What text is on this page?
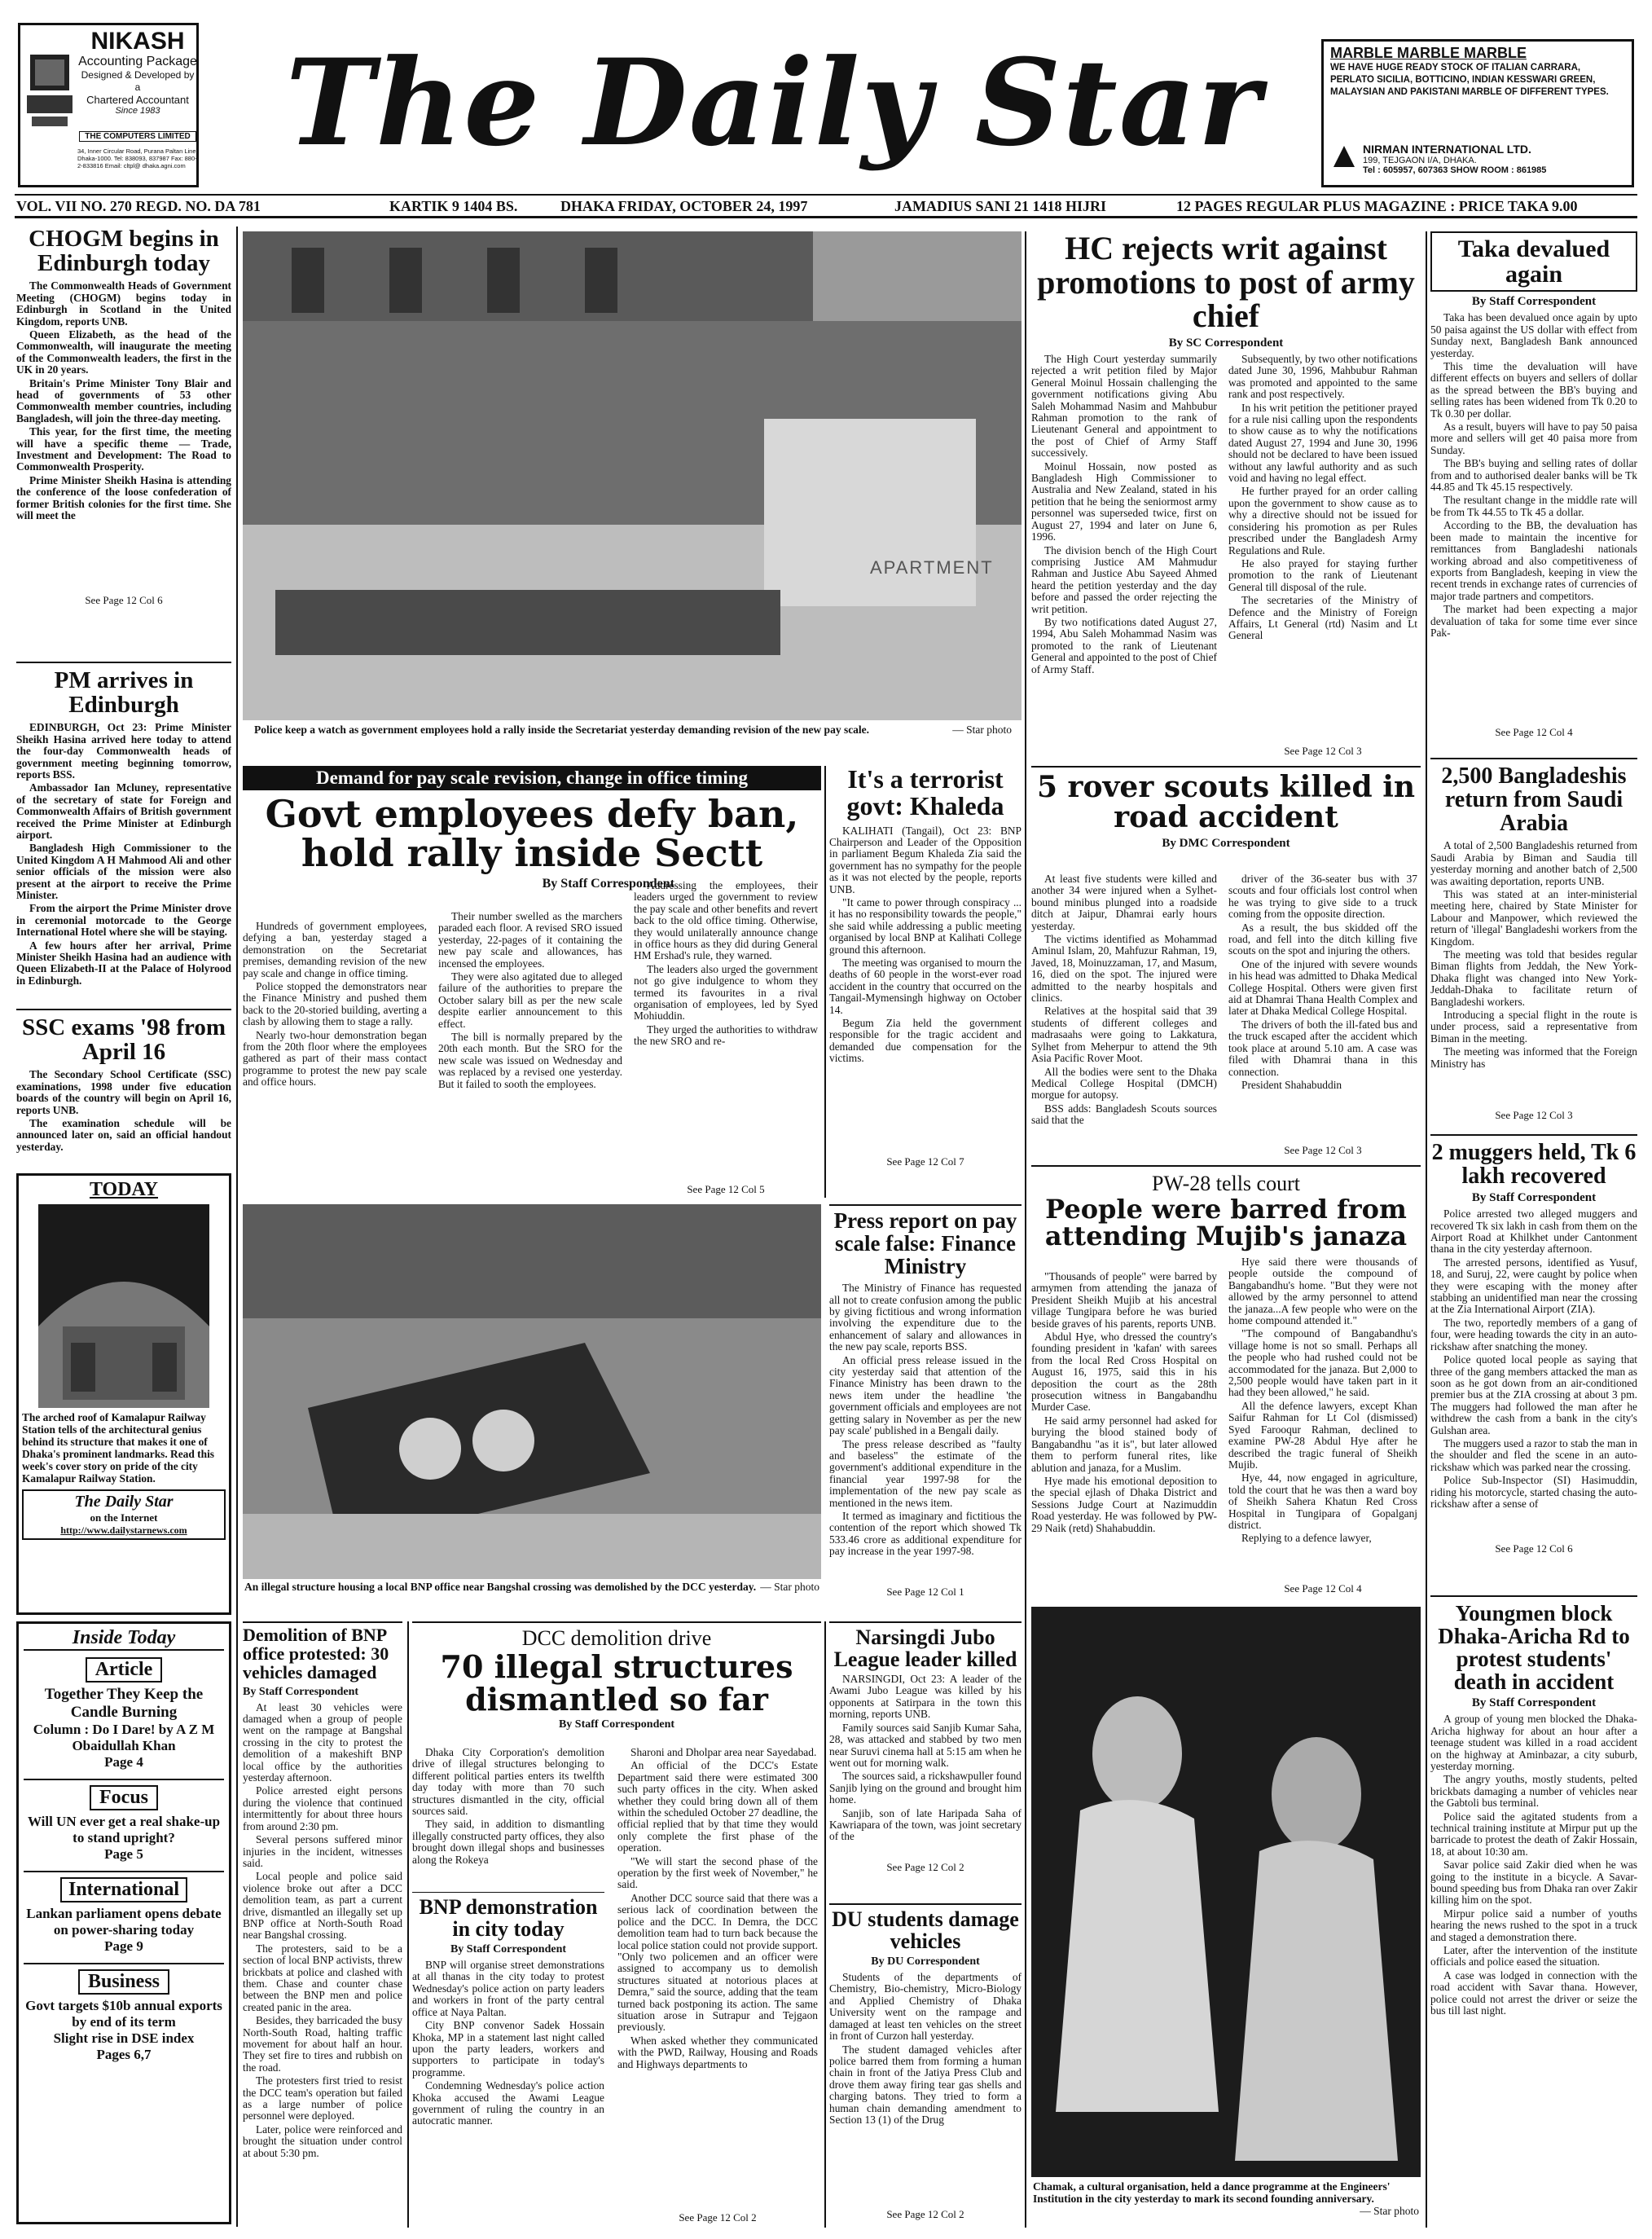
NIKASH
Accounting Package
Designed & Developed by a
Chartered Accountant
Since 1983
THE COMPUTERS LIMITED
34, Inner Circular Road, Purana Paltan Line Dhaka-1000. Tel: 838093, 837987 Fax: 880-2-833816 Email: cltpl@ dhaka.agni.com The Daily Star	MARBLE MARBLE MARBLE
WE HAVE HUGE READY STOCK OF ITALIAN CARRARA, PERLATO SICILIA, BOTTICINO, INDIAN KESSWARI GREEN, MALAYSIAN AND PAKISTANI MARBLE OF DIFFERENT TYPES.
NIRMAN INTERNATIONAL LTD.
199, TEJGAON I/A, DHAKA.
Tel : 605957, 607363 SHOW ROOM : 861985
VOL. VII NO. 270 REGD. NO. DA 781	KARTIK 9 1404 BS.	DHAKA FRIDAY, OCTOBER 24, 1997	JAMADIUS SANI 21 1418 HIJRI	12 PAGES REGULAR PLUS MAGAZINE : PRICE TAKA 9.00
CHOGM begins in Edinburgh today

The Commonwealth Heads of Government Meeting (CHOGM) begins today in Edinburgh in Scotland in the United Kingdom, reports UNB.

Queen Elizabeth, as the head of the Commonwealth, will inaugurate the meeting of the Commonwealth leaders, the first in the UK in 20 years.

Britain's Prime Minister Tony Blair and head of governments of 53 other Commonwealth member countries, including Bangladesh, will join the three-day meeting.

This year, for the first time, the meeting will have a specific theme — Trade, Investment and Development: The Road to Commonwealth Prosperity.

Prime Minister Sheikh Hasina is attending the conference of the loose confederation of former British colonies for the first time. She will meet the

See Page 12 Col 6
PM arrives in Edinburgh

EDINBURGH, Oct 23: Prime Minister Sheikh Hasina arrived here today to attend the four-day Commonwealth heads of government meeting beginning tomorrow, reports BSS.

Ambassador Ian Mcluney, representative of the secretary of state for Foreign and Commonwealth Affairs of British government received the Prime Minister at Edinburgh airport.

Bangladesh High Commissioner to the United Kingdom A H Mahmood Ali and other senior officials of the mission were also present at the airport to receive the Prime Minister.

From the airport the Prime Minister drove in ceremonial motorcade to the George International Hotel where she will be staying.

A few hours after her arrival, Prime Minister Sheikh Hasina had an audience with Queen Elizabeth-II at the Palace of Holyrood in Edinburgh.

SSC exams '98 from April 16

The Secondary School Certificate (SSC) examinations, 1998 under five education boards of the country will begin on April 16, reports UNB.

The examination schedule will be announced later on, said an official handout yesterday.

TODAY
The arched roof of Kamalapur Railway Station tells of the architectural genius behind its structure that makes it one of Dhaka's prominent landmarks. Read this week's cover story on pride of the city Kamalapur Railway Station.
The Daily Star
on the Internet
http://www.dailystarnews.com
Inside Today
Article
Together They Keep the Candle Burning
Column : Do I Dare! by A Z M Obaidullah Khan
Page 4
Focus
Will UN ever get a real shake-up to stand upright?
Page 5
International
Lankan parliament opens debate on power-sharing today
Page 9
Business
Govt targets $10b annual exports by end of its term
Slight rise in DSE index
Pages 6,7
APARTMENT
Police keep a watch as government employees hold a rally inside the Secretariat yesterday demanding revision of the new pay scale.	— Star photo
Demand for pay scale revision, change in office timing
Govt employees defy ban, hold rally inside Sectt
By Staff Correspondent

Hundreds of government employees, defying a ban, yesterday staged a demonstration on the Secretariat premises, demanding revision of the new pay scale and change in office timing.

Police stopped the demonstrators near the Finance Ministry and pushed them back to the 20-storied building, averting a clash by allowing them to stage a rally.

Nearly two-hour demonstration began from the 20th floor where the employees gathered as part of their mass contact programme to protest the new pay scale and office hours.

Their number swelled as the marchers paraded each floor. A revised SRO issued yesterday, 22-pages of it containing the new pay scale and allowances, has incensed the employees.

They were also agitated due to alleged failure of the authorities to prepare the October salary bill as per the new scale despite earlier announcement to this effect.

The bill is normally prepared by the 20th each month. But the SRO for the new scale was issued on Wednesday and was replaced by a revised one yesterday. But it failed to sooth the employees.

Addressing the employees, their leaders urged the government to review the pay scale and other benefits and revert back to the old office timing. Otherwise, they would unilaterally announce change in office hours as they did during General HM Ershad's rule, they warned.

The leaders also urged the government not go give indulgence to whom they termed its favourites in a rival organisation of employees, led by Syed Mohiuddin.

They urged the authorities to withdraw the new SRO and re-

See Page 12 Col 5
It's a terrorist govt: Khaleda

KALIHATI (Tangail), Oct 23: BNP Chairperson and Leader of the Opposition in parliament Begum Khaleda Zia said the government has no sympathy for the people as it was not elected by the people, reports UNB.

"It came to power through conspiracy ... it has no responsibility towards the people," she said while addressing a public meeting organised by local BNP at Kalihati College ground this afternoon.

The meeting was organised to mourn the deaths of 60 people in the worst-ever road accident in the country that occurred on the Tangail-Mymensingh highway on October 14.

Begum Zia held the government responsible for the tragic accident and demanded due compensation for the victims.

See Page 12 Col 7
HC rejects writ against promotions to post of army chief
By SC Correspondent

The High Court yesterday summarily rejected a writ petition filed by Major General Moinul Hossain challenging the government notifications giving Abu Saleh Mohammad Nasim and Mahbubur Rahman promotion to the rank of Lieutenant General and appointment to the post of Chief of Army Staff successively.

Moinul Hossain, now posted as Bangladesh High Commissioner to Australia and New Zealand, stated in his petition that he being the seniormost army personnel was superseded twice, first on August 27, 1994 and later on June 6, 1996.

The division bench of the High Court comprising Justice AM Mahmudur Rahman and Justice Abu Sayeed Ahmed heard the petition yesterday and the day before and passed the order rejecting the writ petition.

By two notifications dated August 27, 1994, Abu Saleh Mohammad Nasim was promoted to the rank of Lieutenant General and appointed to the post of Chief of Army Staff.

Subsequently, by two other notifications dated June 30, 1996, Mahbubur Rahman was promoted and appointed to the same rank and post respectively.

In his writ petition the petitioner prayed for a rule nisi calling upon the respondents to show cause as to why the notifications dated August 27, 1994 and June 30, 1996 should not be declared to have been issued without any lawful authority and as such void and having no legal effect.

He further prayed for an order calling upon the government to show cause as to why a directive should not be issued for considering his promotion as per Rules prescribed under the Bangladesh Army Regulations and Rule.

He also prayed for staying further promotion to the rank of Lieutenant General till disposal of the rule.

The secretaries of the Ministry of Defence and the Ministry of Foreign Affairs, Lt General (rtd) Nasim and Lt General

See Page 12 Col 3
Taka devalued again
By Staff Correspondent

Taka has been devalued once again by upto 50 paisa against the US dollar with effect from Sunday next, Bangladesh Bank announced yesterday.

This time the devaluation will have different effects on buyers and sellers of dollar as the spread between the BB's buying and selling rates has been widened from Tk 0.20 to Tk 0.30 per dollar.

As a result, buyers will have to pay 50 paisa more and sellers will get 40 paisa more from Sunday.

The BB's buying and selling rates of dollar from and to authorised dealer banks will be Tk 44.85 and Tk 45.15 respectively.

The resultant change in the middle rate will be from Tk 44.55 to Tk 45 a dollar.

According to the BB, the devaluation has been made to maintain the incentive for remittances from Bangladeshi nationals working abroad and also competitiveness of exports from Bangladesh, keeping in view the recent trends in exchange rates of currencies of major trade partners and competitors.

The market had been expecting a major devaluation of taka for some time ever since Pak-

See Page 12 Col 4
2,500 Bangladeshis return from Saudi Arabia

A total of 2,500 Bangladeshis returned from Saudi Arabia by Biman and Saudia till yesterday morning and another batch of 2,500 was awaiting deportation, reports UNB.

This was stated at an inter-ministerial meeting here, chaired by State Minister for Labour and Manpower, which reviewed the return of 'illegal' Bangladeshi workers from the Kingdom.

The meeting was told that besides regular Biman flights from Jeddah, the New York-Dhaka flight was changed into New York-Jeddah-Dhaka to facilitate return of Bangladeshi workers.

Introducing a special flight in the route is under process, said a representative from Biman in the meeting.

The meeting was informed that the Foreign Ministry has

See Page 12 Col 3
5 rover scouts killed in road accident
By DMC Correspondent

At least five students were killed and another 34 were injured when a Sylhet-bound minibus plunged into a roadside ditch at Jaipur, Dhamrai early hours yesterday.

The victims identified as Mohammad Aminul Islam, 20, Mahfuzur Rahman, 19, Javed, 18, Moinuzzaman, 17, and Masum, 16, died on the spot. The injured were admitted to the nearby hospitals and clinics.

Relatives at the hospital said that 39 students of different colleges and madrasaahs were going to Lakkatura, Sylhet from Meherpur to attend the 9th Asia Pacific Rover Moot.

All the bodies were sent to the Dhaka Medical College Hospital (DMCH) morgue for autopsy.

BSS adds: Bangladesh Scouts sources said that the

driver of the 36-seater bus with 37 scouts and four officials lost control when he was trying to give side to a truck coming from the opposite direction.

As a result, the bus skidded off the road, and fell into the ditch killing five scouts on the spot and injuring the others.

One of the injured with severe wounds in his head was admitted to Dhaka Medical College Hospital. Others were given first aid at Dhamrai Thana Health Complex and later at Dhaka Medical College Hospital.

The drivers of both the ill-fated bus and the truck escaped after the accident which took place at around 5.10 am. A case was filed with Dhamrai thana in this connection.

President Shahabuddin

See Page 12 Col 3
An illegal structure housing a local BNP office near Bangshal crossing was demolished by the DCC yesterday. — Star photo
Press report on pay scale false: Finance Ministry

The Ministry of Finance has requested all not to create confusion among the public by giving fictitious and wrong information involving the expenditure due to the enhancement of salary and allowances in the new pay scale, reports BSS.

An official press release issued in the city yesterday said that attention of the Finance Ministry has been drawn to the news item under the headline 'the government officials and employees are not getting salary in November as per the new pay scale' published in a Bengali daily.

The press release described as "faulty and baseless" the estimate of the government's additional expenditure in the financial year 1997-98 for the implementation of the new pay scale as mentioned in the news item.

It termed as imaginary and fictitious the contention of the report which showed Tk 533.46 crore as additional expenditure for pay increase in the year 1997-98.

See Page 12 Col 1
PW-28 tells court
People were barred from attending Mujib's janaza

"Thousands of people" were barred by armymen from attending the janaza of President Sheikh Mujib at his ancestral village Tungipara before he was buried beside graves of his parents, reports UNB.

Abdul Hye, who dressed the country's founding president in 'kafan' with sarees from the local Red Cross Hospital on August 16, 1975, said this in his deposition the court as the 28th prosecution witness in Bangabandhu Murder Case.

He said army personnel had asked for burying the blood stained body of Bangabandhu "as it is", but later allowed them to perform funeral rites, like ablution and janaza, for a Muslim.

Hye made his emotional deposition to the special ejlash of Dhaka District and Sessions Judge Court at Nazimuddin Road yesterday. He was followed by PW-29 Naik (retd) Shahabuddin.

Hye said there were thousands of people outside the compound of Bangabandhu's home. "But they were not allowed by the army personnel to attend the janaza...A few people who were on the home compound attended it."

"The compound of Bangabandhu's village home is not so small. Perhaps all the people who had rushed could not be accommodated for the janaza. But 2,000 to 2,500 people would have taken part in it had they been allowed," he said.

All the defence lawyers, except Khan Saifur Rahman for Lt Col (dismissed) Syed Farooqur Rahman, declined to examine PW-28 Abdul Hye after he described the tragic funeral of Sheikh Mujib.

Hye, 44, now engaged in agriculture, told the court that he was then a ward boy of Sheikh Sahera Khatun Red Cross Hospital in Tungipara of Gopalganj district.

Replying to a defence lawyer,

See Page 12 Col 4
2 muggers held, Tk 6 lakh recovered
By Staff Correspondent

Police arrested two alleged muggers and recovered Tk six lakh in cash from them on the Airport Road at Khilkhet under Cantonment thana in the city yesterday afternoon.

The arrested persons, identified as Yusuf, 18, and Suruj, 22, were caught by police when they were escaping with the money after stabbing an unidentified man near the crossing at the Zia International Airport (ZIA).

The two, reportedly members of a gang of four, were heading towards the city in an auto-rickshaw after snatching the money.

Police quoted local people as saying that three of the gang members attacked the man as soon as he got down from an air-conditioned premier bus at the ZIA crossing at about 3 pm. The muggers had followed the man after he withdrew the cash from a bank in the city's Gulshan area.

The muggers used a razor to stab the man in the shoulder and fled the scene in an auto-rickshaw which was parked near the crossing.

Police Sub-Inspector (SI) Hasimuddin, riding his motorcycle, started chasing the auto-rickshaw after a sense of

See Page 12 Col 6
Demolition of BNP office protested: 30 vehicles damaged
By Staff Correspondent

At least 30 vehicles were damaged when a group of people went on the rampage at Bangshal crossing in the city to protest the demolition of a makeshift BNP local office by the authorities yesterday afternoon.

Police arrested eight persons during the violence that continued intermittently for about three hours from around 2:30 pm.

Several persons suffered minor injuries in the incident, witnesses said.

Local people and police said violence broke out after a DCC demolition team, as part a current drive, dismantled an illegally set up BNP office at North-South Road near Bangshal crossing.

The protesters, said to be a section of local BNP activists, threw brickbats at police and clashed with them. Chase and counter chase between the BNP men and police created panic in the area.

Besides, they barricaded the busy North-South Road, halting traffic movement for about half an hour. They set fire to tires and rubbish on the road.

The protesters first tried to resist the DCC team's operation but failed as a large number of police personnel were deployed.

Later, police were reinforced and brought the situation under control at about 5:30 pm.

DCC demolition drive
70 illegal structures dismantled so far
By Staff Correspondent

Dhaka City Corporation's demolition drive of illegal structures belonging to different political parties enters its twelfth day today with more than 70 such structures dismantled in the city, official sources said.

They said, in addition to dismantling illegally constructed party offices, they also brought down illegal shops and businesses along the Rokeya

Sharoni and Dholpar area near Sayedabad.

An official of the DCC's Estate Department said there were estimated 300 such party offices in the city. When asked whether they could bring down all of them within the scheduled October 27 deadline, the official replied that by that time they would only complete the first phase of the operation.

"We will start the second phase of the operation by the first week of November," he said.

Another DCC source said that there was a serious lack of coordination between the police and the DCC. In Demra, the DCC demolition team had to turn back because the local police station could not provide support. "Only two policemen and an officer were assigned to accompany us to demolish structures situated at notorious places at Demra," said the source, adding that the team turned back postponing its action. The same situation arose in Sutrapur and Tejgaon previously.

When asked whether they communicated with the PWD, Railway, Housing and Roads and Highways departments to

See Page 12 Col 2
BNP demonstration in city today
By Staff Correspondent

BNP will organise street demonstrations at all thanas in the city today to protest Wednesday's police action on party leaders and workers in front of the party central office at Naya Paltan.

City BNP convenor Sadek Hossain Khoka, MP in a statement last night called upon the party leaders, workers and supporters to participate in today's programme.

Condemning Wednesday's police action Khoka accused the Awami League government of ruling the country in an autocratic manner.

Narsingdi Jubo League leader killed

NARSINGDI, Oct 23: A leader of the Awami Jubo League was killed by his opponents at Satirpara in the town this morning, reports UNB.

Family sources said Sanjib Kumar Saha, 28, was attacked and stabbed by two men near Suruvi cinema hall at 5:15 am when he went out for morning walk.

The sources said, a rickshawpuller found Sanjib lying on the ground and brought him home.

Sanjib, son of late Haripada Saha of Kawriapara of the town, was joint secretary of the

See Page 12 Col 2
DU students damage vehicles
By DU Correspondent

Students of the departments of Chemistry, Bio-chemistry, Micro-Biology and Applied Chemistry of Dhaka University went on the rampage and damaged at least ten vehicles on the street in front of Curzon hall yesterday.

The student damaged vehicles after police barred them from forming a human chain in front of the Jatiya Press Club and drove them away firing tear gas shells and charging batons. They tried to form a human chain demanding amendment to Section 13 (1) of the Drug

See Page 12 Col 2
Chamak, a cultural organisation, held a dance programme at the Engineers' Institution in the city yesterday to mark its second founding anniversary.
— Star photo
Youngmen block Dhaka-Aricha Rd to protest students' death in accident
By Staff Correspondent

A group of young men blocked the Dhaka-Aricha highway for about an hour after a teenage student was killed in a road accident on the highway at Aminbazar, a city suburb, yesterday morning.

The angry youths, mostly students, pelted brickbats damaging a number of vehicles near the Gabtoli bus terminal.

Police said the agitated students from a technical training institute at Mirpur put up the barricade to protest the death of Zakir Hossain, 18, at about 10:30 am.

Savar police said Zakir died when he was going to the institute in a bicycle. A Savar-bound speeding bus from Dhaka ran over Zakir killing him on the spot.

Mirpur police said a number of youths hearing the news rushed to the spot in a truck and staged a demonstration there.

Later, after the intervention of the institute officials and police eased the situation.

A case was lodged in connection with the road accident with Savar thana. However, police could not arrest the driver or seize the bus till last night.
